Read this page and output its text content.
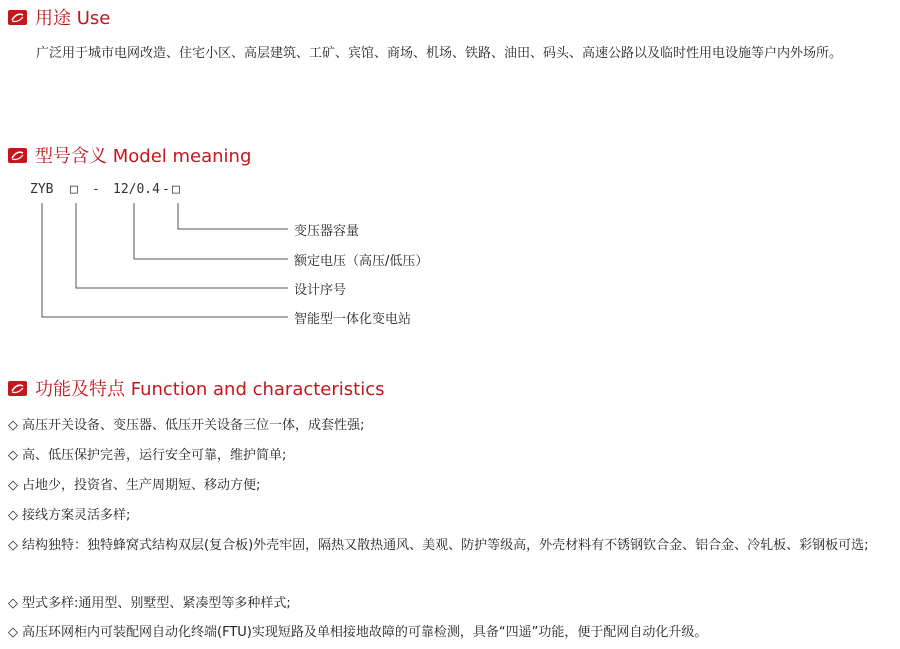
用途 Use
广泛用于城市电网改造、住宅小区、高层建筑、工矿、宾馆、商场、机场、铁路、油田、码头、高速公路以及临时性用电设施等户内外场所。
型号含义 Model meaning
ZYB □ - 12/0.4 - □
变压器容量
额定电压（高压/低压）
设计序号
智能型一体化变电站
功能及特点 Function and characteristics
◇ 高压开关设备、变压器、低压开关设备三位一体，成套性强;
◇ 高、低压保护完善，运行安全可靠，维护简单;
◇ 占地少，投资省、生产周期短、移动方便;
◇ 接线方案灵活多样;
◇ 结构独特：独特蜂窝式结构双层(复合板)外壳牢固，隔热又散热通风、美观、防护等级高，外壳材料有不锈钢钦合金、铝合金、冷轧板、彩钢板可选;
◇ 型式多样:通用型、别墅型、紧凑型等多种样式;
◇ 高压环网柜内可装配网自动化终端(FTU)实现短路及单相接地故障的可靠检测，具备“四遥”功能，便于配网自动化升级。
